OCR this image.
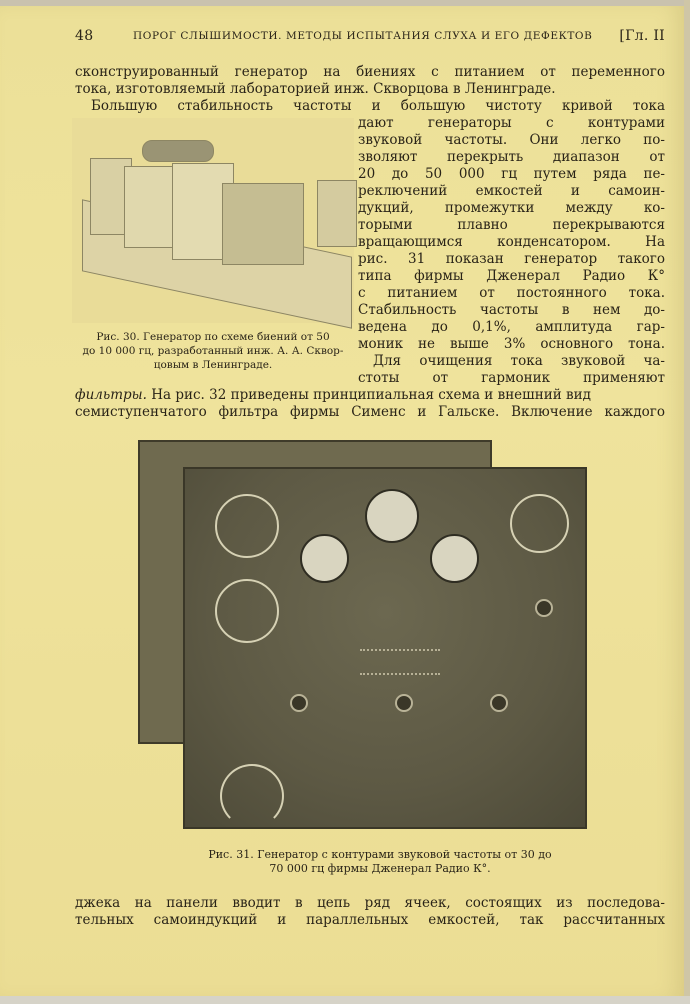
48	ПОРОГ СЛЫШИМОСТИ. МЕТОДЫ ИСПЫТАНИЯ СЛУХА И ЕГО ДЕФЕКТОВ [Гл. II
сконструированный генератор на биениях с питанием от переменного
тока, изготовляемый лабораторией инж. Скворцова в Ленинграде.
Большую стабильность частоты и большую чистоту кривой тока
дают генераторы с контурами
звуковой частоты. Они легко по-
зволяют перекрыть диапазон от
20 до 50 000 гц путем ряда пе-
реключений емкостей и самоин-
дукций, промежутки между ко-
торыми плавно перекрываются
вращающимся конденсатором. На
рис. 31 показан генератор такого
типа фирмы Дженерал Радио К°
с питанием от постоянного тока.
Стабильность частоты в нем до-
ведена до 0,1%, амплитуда гар-
моник не выше 3% основного тона.
Для очищения тока звуковой ча-
стоты от гармоник применяют
фильтры. На рис. 32 приведены принципиальная схема и внешний вид
семиступенчатого фильтра фирмы Сименс и Гальске. Включение каждого
Рис. 30. Генератор по схеме биений от 50
до 10 000 гц, разработанный инж. А. А. Сквор-
цовым в Ленинграде.
Рис. 31. Генератор с контурами звуковой частоты от 30 до
70 000 гц фирмы Дженерал Радио К°.
джека на панели вводит в цепь ряд ячеек, состоящих из последова-
тельных самоиндукций и параллельных емкостей, так рассчитанных
